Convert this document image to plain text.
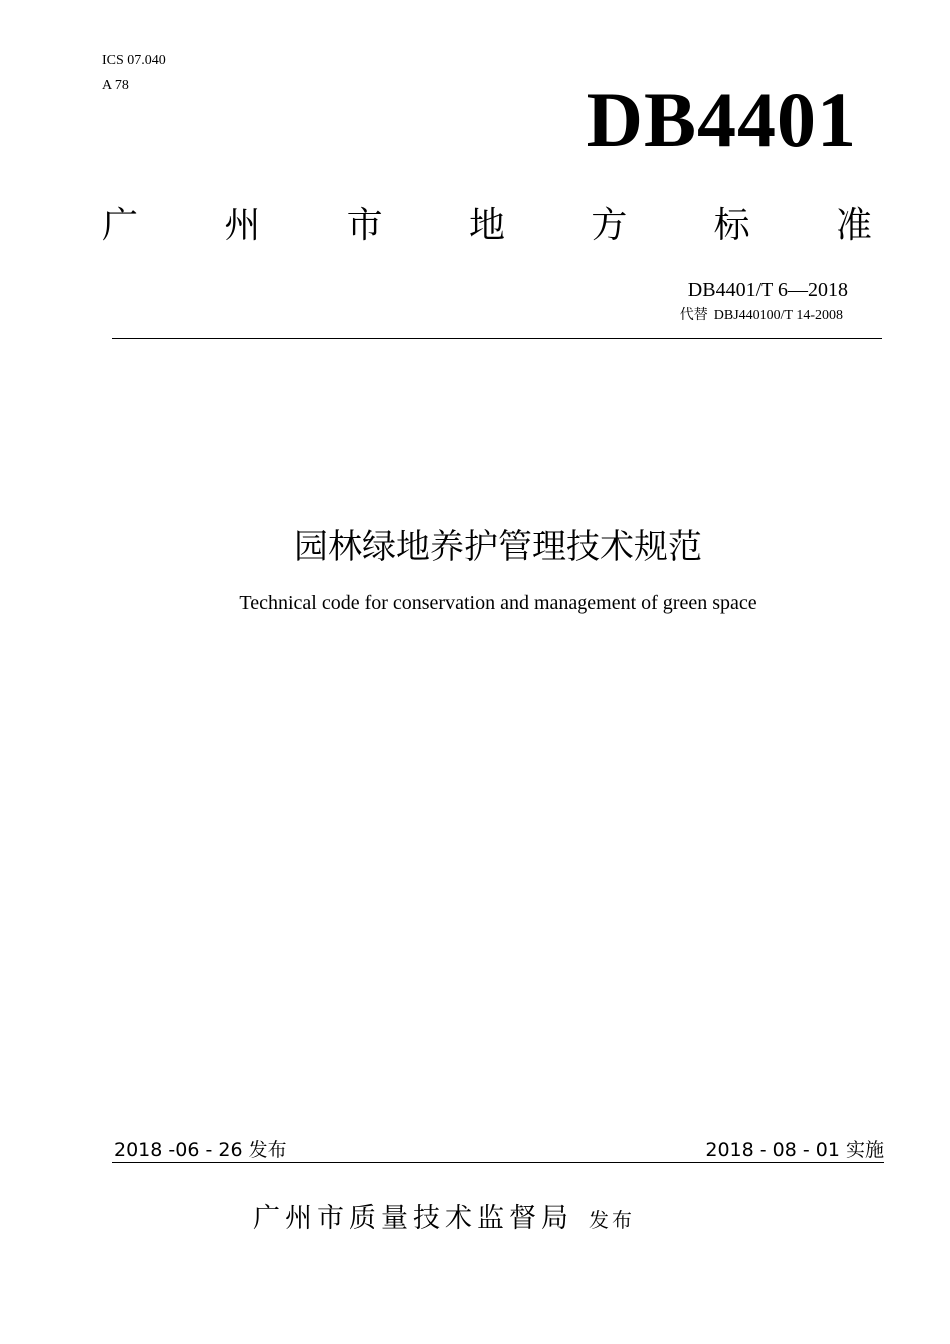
ICS 07.040
A 78	DB4401
广 州 市 地 方 标 准
DB4401/T 6—2018
代替 DBJ440100/T 14-2008
园林绿地养护管理技术规范
Technical code for conservation and management of green space
2018 -06 - 26 发布	2018 - 08 - 01 实施
广州市质量技术监督局 发布
